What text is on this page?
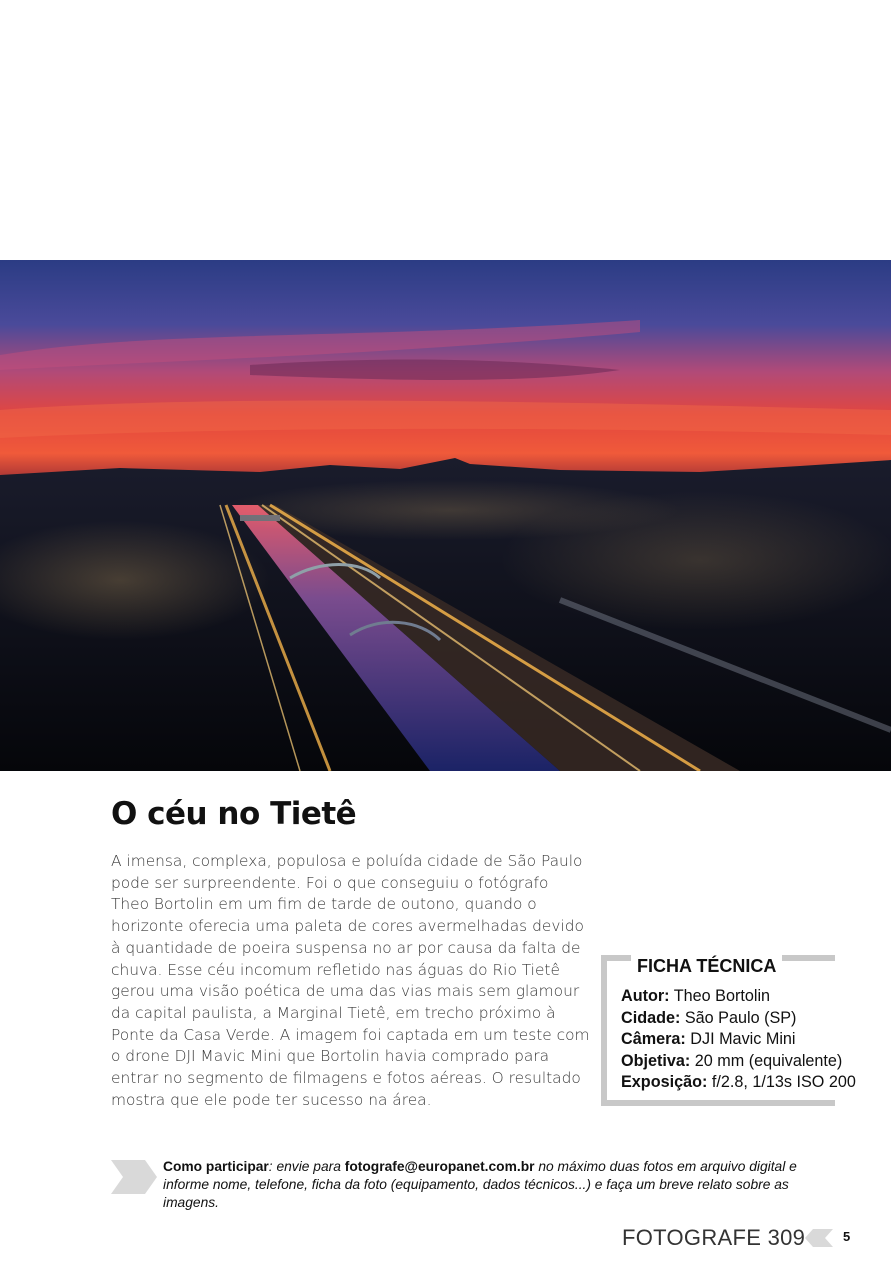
O céu no Tietê

A imensa, complexa, populosa e poluída cidade de São Paulo
pode ser surpreendente. Foi o que conseguiu o fotógrafo
Theo Bortolin em um fim de tarde de outono, quando o
horizonte oferecia uma paleta de cores avermelhadas devido
à quantidade de poeira suspensa no ar por causa da falta de
chuva. Esse céu incomum refletido nas águas do Rio Tietê
gerou uma visão poética de uma das vias mais sem glamour
da capital paulista, a Marginal Tietê, em trecho próximo à
Ponte da Casa Verde. A imagem foi captada em um teste com
o drone DJI Mavic Mini que Bortolin havia comprado para
entrar no segmento de filmagens e fotos aéreas. O resultado
mostra que ele pode ter sucesso na área.

FICHA TÉCNICA
Autor: Theo Bortolin
Cidade: São Paulo (SP)
Câmera: DJI Mavic Mini
Objetiva: 20 mm (equivalente)
Exposição: f/2.8, 1/13s ISO 200
Como participar: envie para fotografe@europanet.com.br no máximo duas fotos em arquivo digital e informe nome, telefone, ficha da foto (equipamento, dados técnicos...) e faça um breve relato sobre as imagens.
FOTOGRAFE 309	5
